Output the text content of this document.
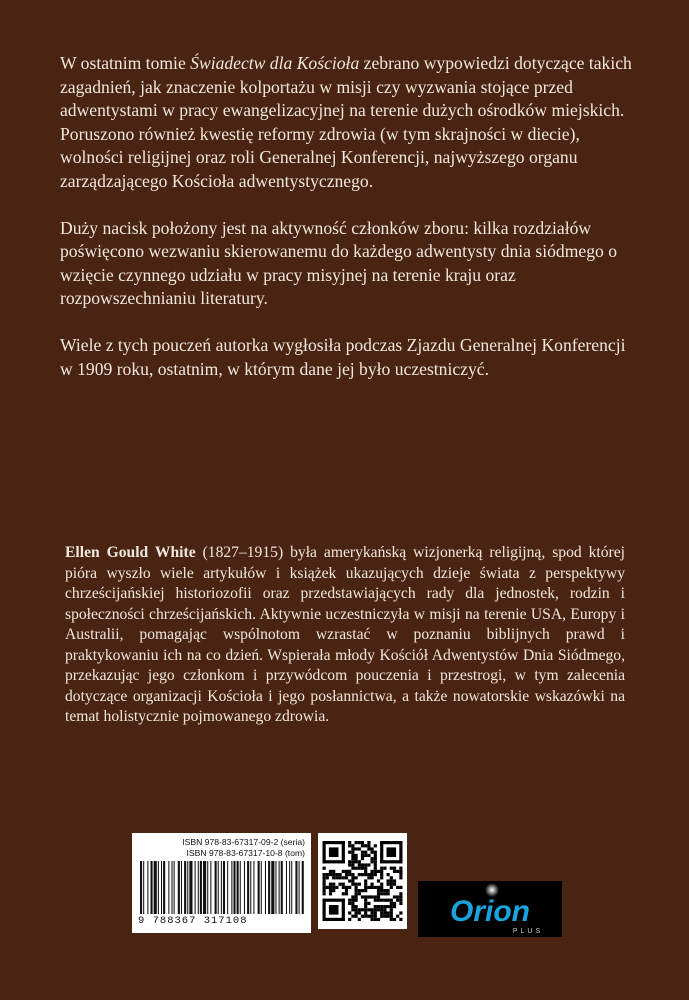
W ostatnim tomie Świadectw dla Kościoła zebrano wypowiedzi dotyczące takich zagadnień, jak znaczenie kolportażu w misji czy wyzwania stojące przed adwentystami w pracy ewangelizacyjnej na terenie dużych ośrodków miejskich. Poruszono również kwestię reformy zdrowia (w tym skrajności w diecie), wolności religijnej oraz roli Generalnej Konferencji, najwyższego organu zarządzającego Kościoła adwentystycznego.

Duży nacisk położony jest na aktywność członków zboru: kilka rozdziałów poświęcono wezwaniu skierowanemu do każdego adwentysty dnia siódmego o wzięcie czynnego udziału w pracy misyjnej na terenie kraju oraz rozpowszechnianiu literatury.

Wiele z tych pouczeń autorka wygłosiła podczas Zjazdu Generalnej Konferencji w 1909 roku, ostatnim, w którym dane jej było uczestniczyć.

Ellen Gould White (1827–1915) była amerykańską wizjonerką religijną, spod której pióra wyszło wiele artykułów i książek ukazujących dzieje świata z perspektywy chrześcijańskiej historiozofii oraz przedstawiających rady dla jednostek, rodzin i społeczności chrześcijańskich. Aktywnie uczestniczyła w misji na terenie USA, Europy i Australii, pomagając wspólnotom wzrastać w poznaniu biblijnych prawd i praktykowaniu ich na co dzień. Wspierała młody Kościół Adwentystów Dnia Siódmego, przekazując jego członkom i przywódcom pouczenia i przestrogi, w tym zalecenia dotyczące organizacji Kościoła i jego posłannictwa, a także nowatorskie wskazówki na temat holistycznie pojmowanego zdrowia.
ISBN 978-83-67317-09-2 (seria)
ISBN 978-83-67317-10-8 (tom)
9 788367 317108	Orion
PLUS
